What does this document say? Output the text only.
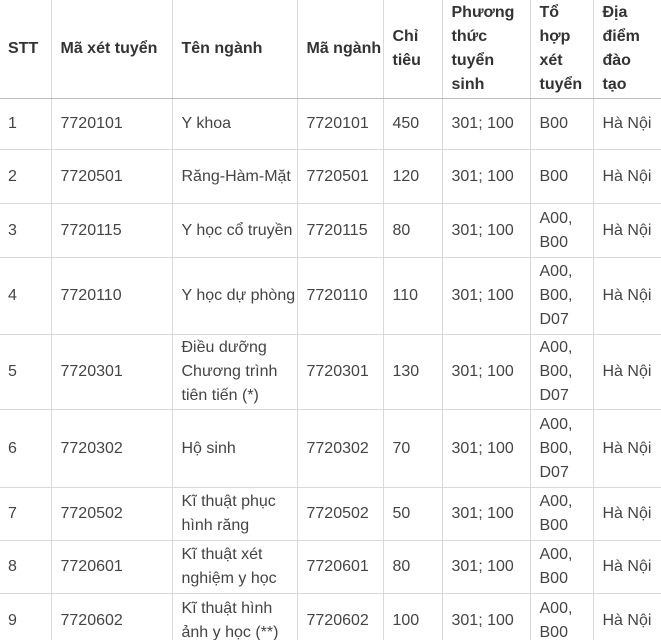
STT	Mã xét tuyển	Tên ngành	Mã ngành	Chỉ tiêu	Phương thức tuyển sinh	Tổ hợp xét tuyển	Địa điểm đào tạo
1	7720101	Y khoa	7720101	450	301; 100	B00	Hà Nội
2	7720501	Răng-Hàm-Mặt	7720501	120	301; 100	B00	Hà Nội
3	7720115	Y học cổ truyền	7720115	80	301; 100	A00, B00	Hà Nội
4	7720110	Y học dự phòng	7720110	110	301; 100	A00, B00, D07	Hà Nội
5	7720301	Điều dưỡng Chương trình tiên tiến (*)	7720301	130	301; 100	A00, B00, D07	Hà Nội
6	7720302	Hộ sinh	7720302	70	301; 100	A00, B00, D07	Hà Nội
7	7720502	Kĩ thuật phục hình răng	7720502	50	301; 100	A00, B00	Hà Nội
8	7720601	Kĩ thuật xét nghiệm y học	7720601	80	301; 100	A00, B00	Hà Nội
9	7720602	Kĩ thuật hình ảnh y học (**)	7720602	100	301; 100	A00, B00	Hà Nội
